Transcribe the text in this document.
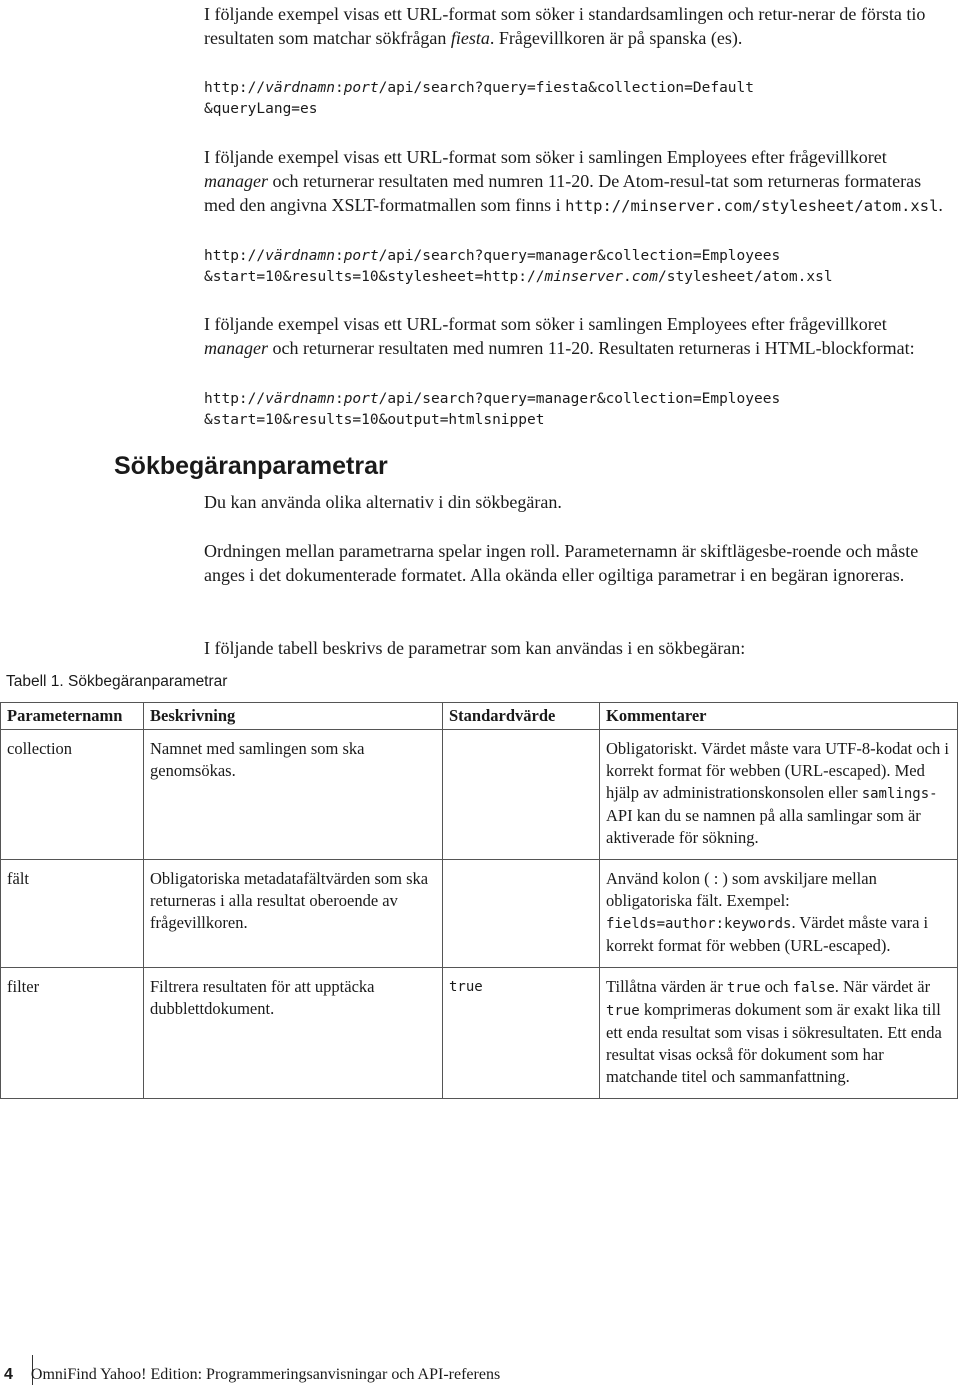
I följande exempel visas ett URL-format som söker i standardsamlingen och retur-nerar de första tio resultaten som matchar sökfrågan fiesta. Frågevillkoren är på spanska (es).
http://värdnamn:port/api/search?query=fiesta&collection=Default
&queryLang=es
I följande exempel visas ett URL-format som söker i samlingen Employees efter frågevillkoret manager och returnerar resultaten med numren 11-20. De Atom-resul-tat som returneras formateras med den angivna XSLT-formatmallen som finns i http://minserver.com/stylesheet/atom.xsl.
http://värdnamn:port/api/search?query=manager&collection=Employees
&start=10&results=10&stylesheet=http://minserver.com/stylesheet/atom.xsl
I följande exempel visas ett URL-format som söker i samlingen Employees efter frågevillkoret manager och returnerar resultaten med numren 11-20. Resultaten returneras i HTML-blockformat:
http://värdnamn:port/api/search?query=manager&collection=Employees
&start=10&results=10&output=htmlsnippet
Sökbegäranparametrar
Du kan använda olika alternativ i din sökbegäran.
Ordningen mellan parametrarna spelar ingen roll. Parameternamn är skiftlägesbe-roende och måste anges i det dokumenterade formatet. Alla okända eller ogiltiga parametrar i en begäran ignoreras.
I följande tabell beskrivs de parametrar som kan användas i en sökbegäran:
Tabell 1. Sökbegäranparametrar
Parameternamn	Beskrivning	Standardvärde	Kommentarer
collection	Namnet med samlingen som ska genomsökas.		Obligatoriskt. Värdet måste vara UTF-8-kodat och i korrekt format för webben (URL-escaped). Med hjälp av administrationskonsolen eller samlings-API kan du se namnen på alla samlingar som är aktiverade för sökning.
fält	Obligatoriska metadatafältvärden som ska returneras i alla resultat oberoende av frågevillkoren.		Använd kolon ( : ) som avskiljare mellan obligatoriska fält. Exempel: fields=author:keywords. Värdet måste vara i korrekt format för webben (URL-escaped).
filter	Filtrera resultaten för att upptäcka dubblettdokument.	true	Tillåtna värden är true och false. När värdet är true komprimeras dokument som är exakt lika till ett enda resultat som visas i sökresultaten. Ett enda resultat visas också för dokument som har matchande titel och sammanfattning.
4 OmniFind Yahoo! Edition: Programmeringsanvisningar och API-referens
